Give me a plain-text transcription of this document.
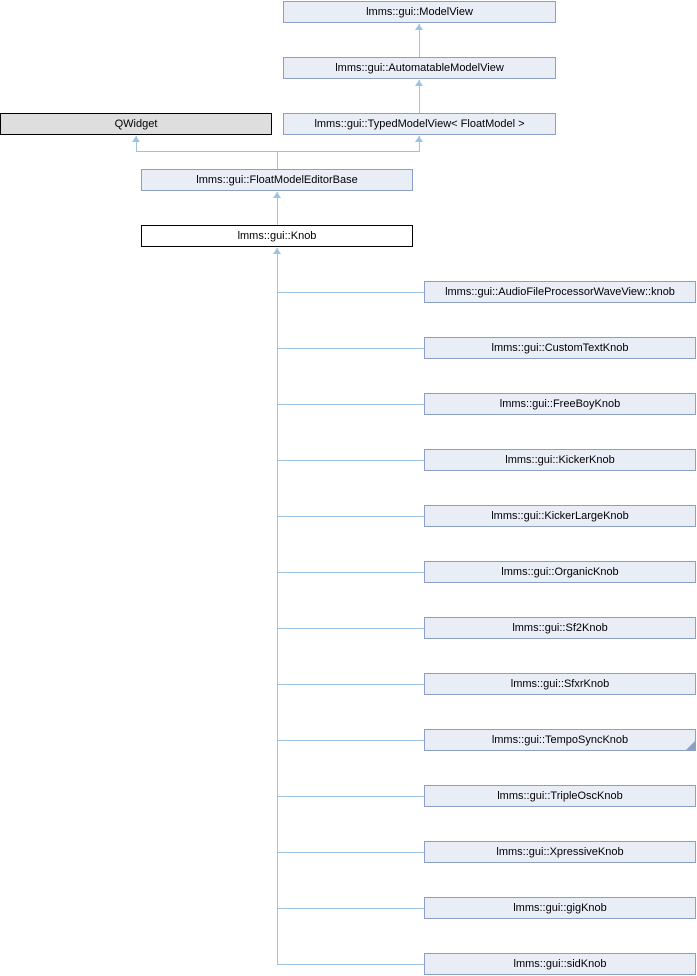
lmms::gui::ModelView
lmms::gui::AutomatableModelView
QWidget	lmms::gui::TypedModelView< FloatModel >
lmms::gui::FloatModelEditorBase
lmms::gui::Knob
lmms::gui::AudioFileProcessorWaveView::knob
lmms::gui::CustomTextKnob
lmms::gui::FreeBoyKnob
lmms::gui::KickerKnob
lmms::gui::KickerLargeKnob
lmms::gui::OrganicKnob
lmms::gui::Sf2Knob
lmms::gui::SfxrKnob
lmms::gui::TempoSyncKnob
lmms::gui::TripleOscKnob
lmms::gui::XpressiveKnob
lmms::gui::gigKnob
lmms::gui::sidKnob
